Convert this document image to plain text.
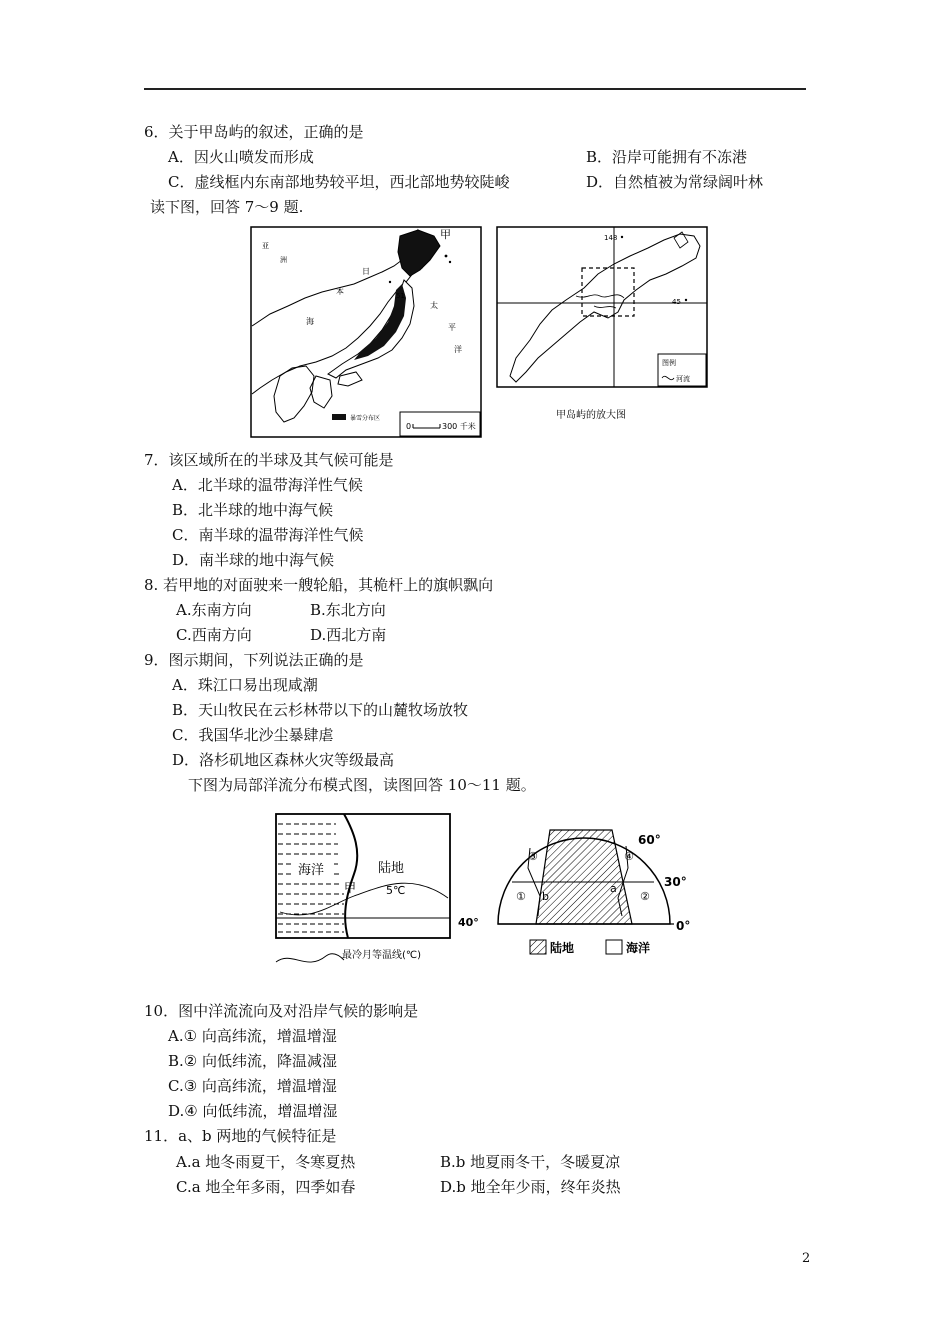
6．关于甲岛屿的叙述，正确的是
A．因火山喷发而形成	B．沿岸可能拥有不冻港
C．虚线框内东南部地势较平坦，西北部地势较陡峻	D．自然植被为常绿阔叶林
读下图，回答 7～9 题.
甲
亚
洲
日
本
海
太
平
洋
51
暴雪分布区
0	300 千米
148
45
图例
河流
甲岛屿的放大图
7．该区域所在的半球及其气候可能是
A．北半球的温带海洋性气候
B．北半球的地中海气候
C．南半球的温带海洋性气候
D．南半球的地中海气候
8. 若甲地的对面驶来一艘轮船，其桅杆上的旗帜飘向
A.东南方向	B.东北方向
C.西南方向	D.西北方南
9．图示期间，下列说法正确的是
A．珠江口易出现咸潮
B．天山牧民在云杉林带以下的山麓牧场放牧
C．我国华北沙尘暴肆虐
D．洛杉矶地区森林火灾等级最高
下图为局部洋流分布模式图，读图回答 10～11 题。
海洋	陆地
甲	5℃
40°
最冷月等温线(℃)
③	④
①	②
b
a
60°
30°
0°
陆地	海洋
10．图中洋流流向及对沿岸气候的影响是
A.① 向高纬流，增温增湿
B.② 向低纬流，降温减湿
C.③ 向高纬流，增温增湿
D.④ 向低纬流，增温增湿
11．a、b 两地的气候特征是
A.a 地冬雨夏干，冬寒夏热	B.b 地夏雨冬干，冬暖夏凉
C.a 地全年多雨，四季如春	D.b 地全年少雨，终年炎热
2
